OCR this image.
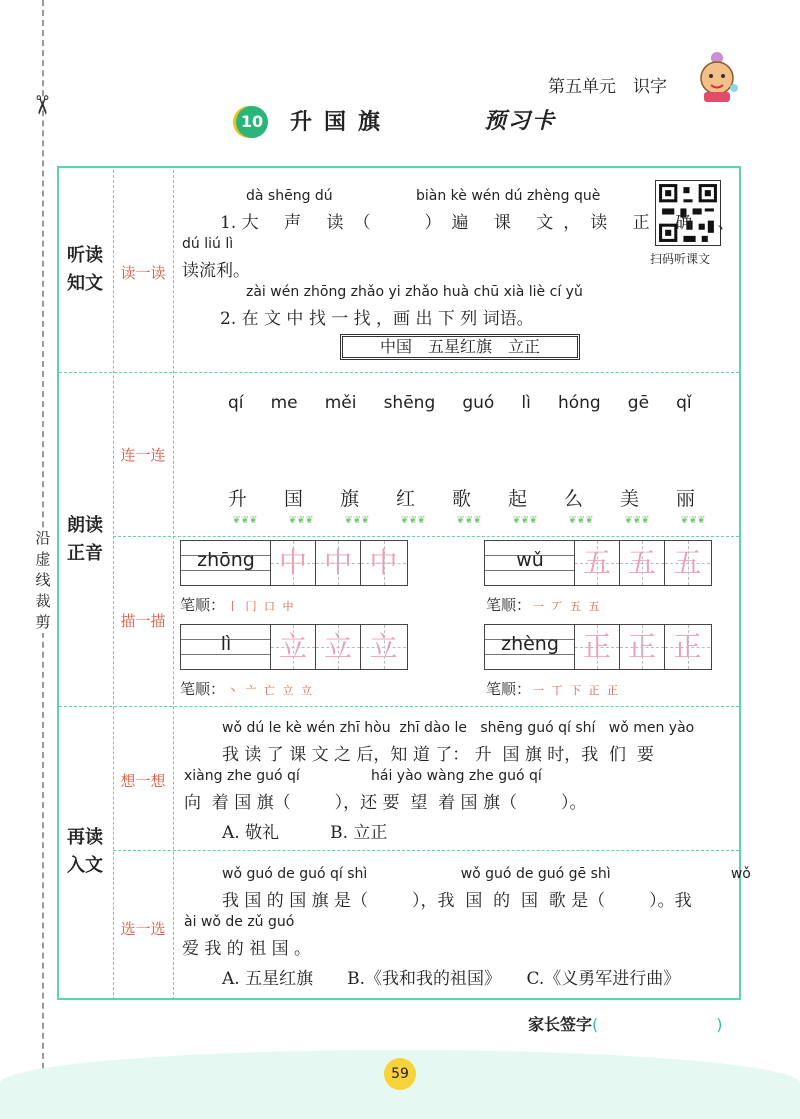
✂
沿
虚
线
裁
剪
第五单元　识字
10 升国旗	预习卡
听读
知文
朗读
正音
再读
入文
读一读
连一连
描一描
想一想
选一选
扫码听课文
dà shēng dú	biàn kè wén dú zhèng què
1. 大 声 读（	）遍 课 文，读 正 确 、
dú liú lì
读流利。
zài wén zhōng zhǎo yi zhǎo huà chū xià liè cí yǔ
2. 在 文 中 找 一 找 ，画 出 下 列 词语。
中国　五星红旗　立正
qí me měi shēng guó lì hóng gē qǐ
升 国 旗 红 歌 起 么 美 丽
❦❦❦	❦❦❦	❦❦❦	❦❦❦	❦❦❦	❦❦❦	❦❦❦	❦❦❦	❦❦❦
zhōng 中 中 中
笔顺： 丨 冂 口 中
wǔ	五 五 五
笔顺： 一 丆 五 五
lì	立 立 立
笔顺： 丶 亠 亡 立 立
zhèng 正 正 正
笔顺： 一 丅 下 正 正
wǒ dú le kè wén zhī hòu  zhī dào le   shēng guó qí shí   wǒ men yào
我 读 了 课 文 之 后，知 道 了： 升  国 旗 时，我  们  要
xiàng zhe guó qí                hái yào wàng zhe guó qí
向  着 国 旗（	），还 要  望  着 国 旗（	）。
A. 敬礼　　　B. 立正
wǒ guó de guó qí shì                     wǒ guó de guó gē shì                           wǒ
我 国 的 国 旗 是（	），我  国  的  国  歌 是（	）。我
ài wǒ de zǔ guó
爱 我 的 祖 国 。
A. 五星红旗　　B.《我和我的祖国》　　C.《义勇军进行曲》
家长签字(	)
59
